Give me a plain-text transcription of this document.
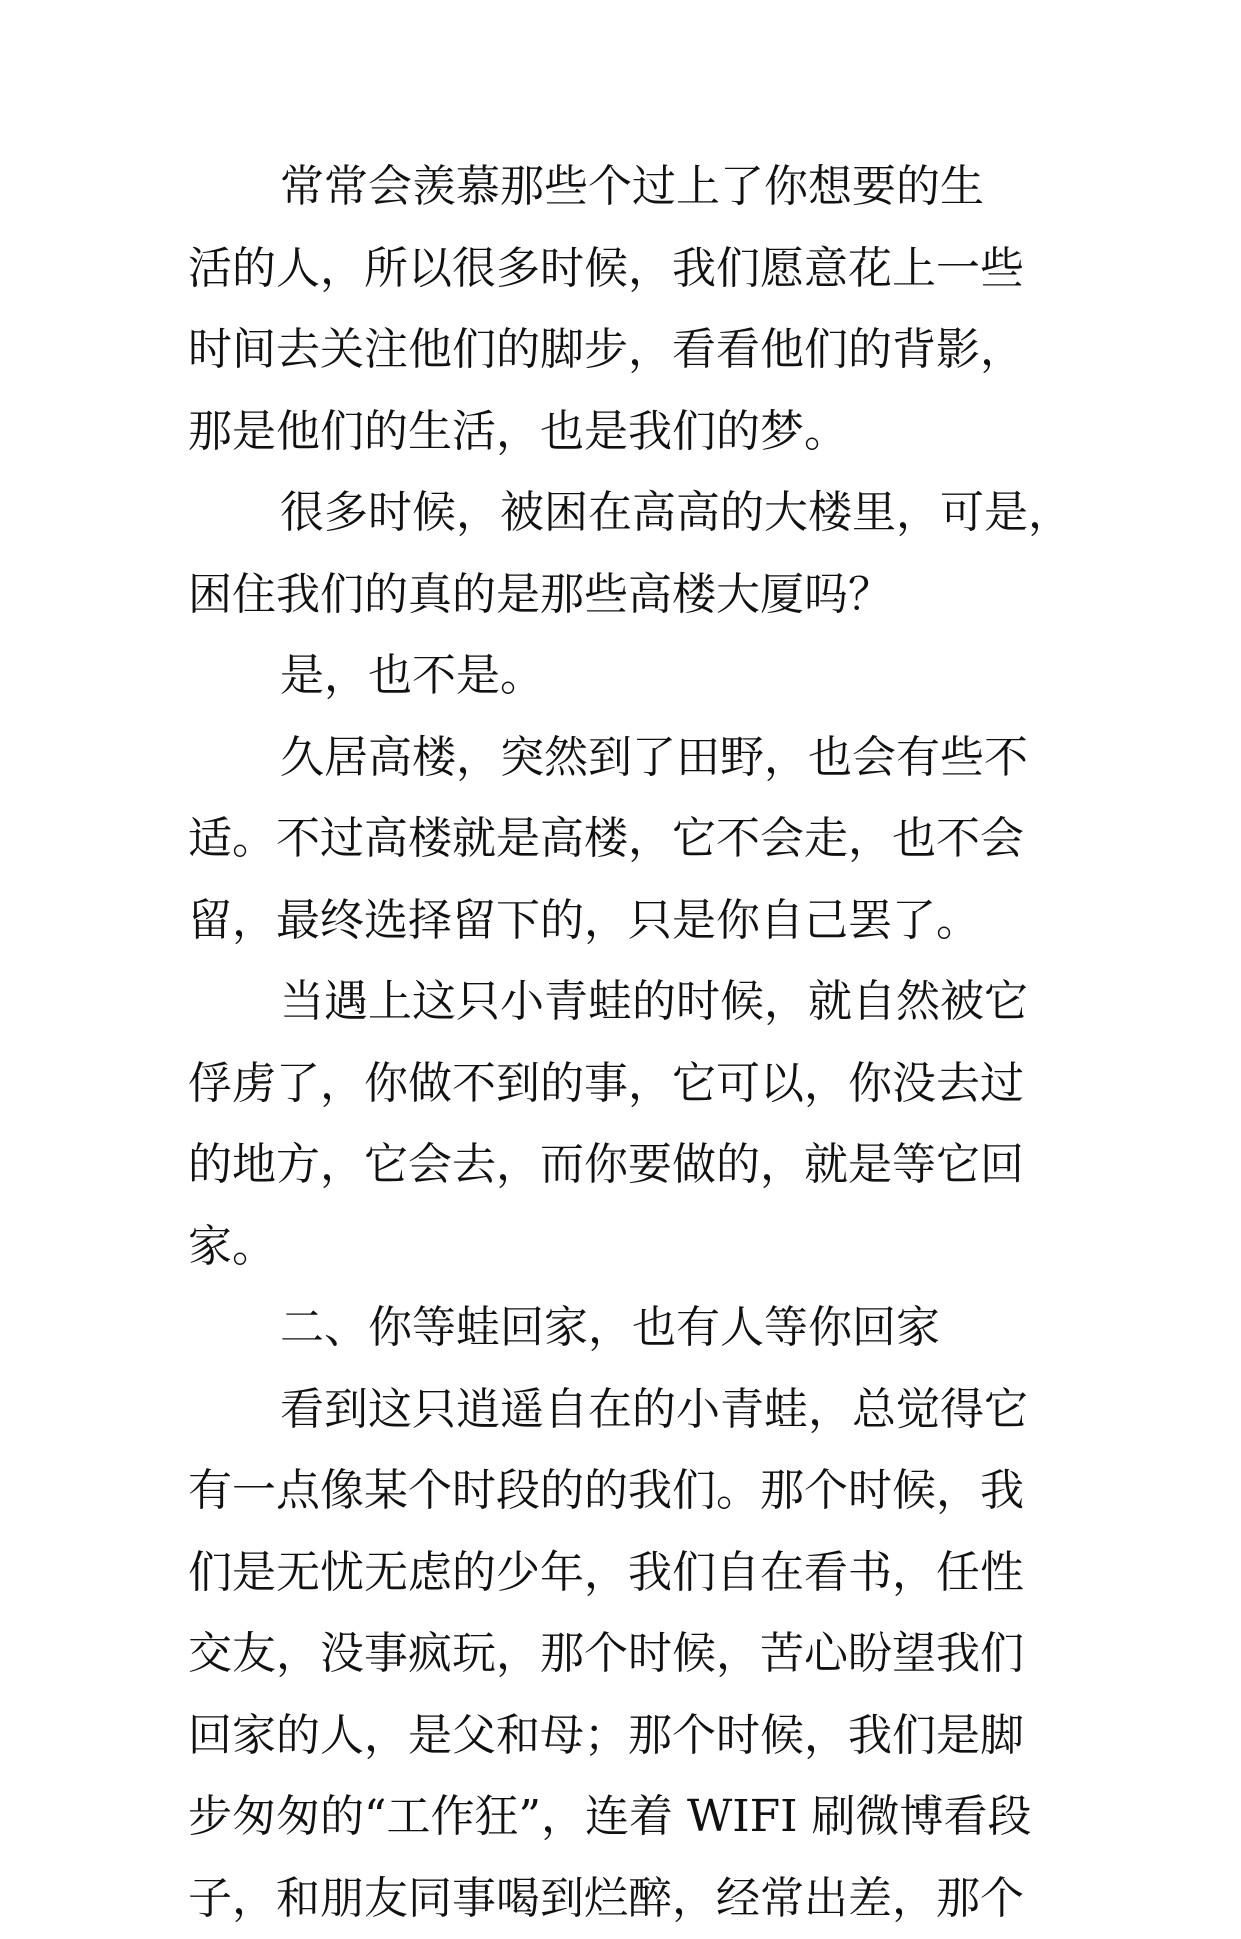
常常会羡慕那些个过上了你想要的生
活的人，所以很多时候，我们愿意花上一些
时间去关注他们的脚步，看看他们的背影，
那是他们的生活，也是我们的梦。
很多时候，被困在高高的大楼里，可是，
困住我们的真的是那些高楼大厦吗？
是，也不是。
久居高楼，突然到了田野，也会有些不
适。不过高楼就是高楼，它不会走，也不会
留，最终选择留下的，只是你自己罢了。
当遇上这只小青蛙的时候，就自然被它
俘虏了，你做不到的事，它可以，你没去过
的地方，它会去，而你要做的，就是等它回
家。
二、你等蛙回家，也有人等你回家
看到这只逍遥自在的小青蛙，总觉得它
有一点像某个时段的的我们。那个时候，我
们是无忧无虑的少年，我们自在看书，任性
交友，没事疯玩，那个时候，苦心盼望我们
回家的人，是父和母；那个时候，我们是脚
步匆匆的“工作狂”，连着 WIFI 刷微博看段
子，和朋友同事喝到烂醉，经常出差，那个
